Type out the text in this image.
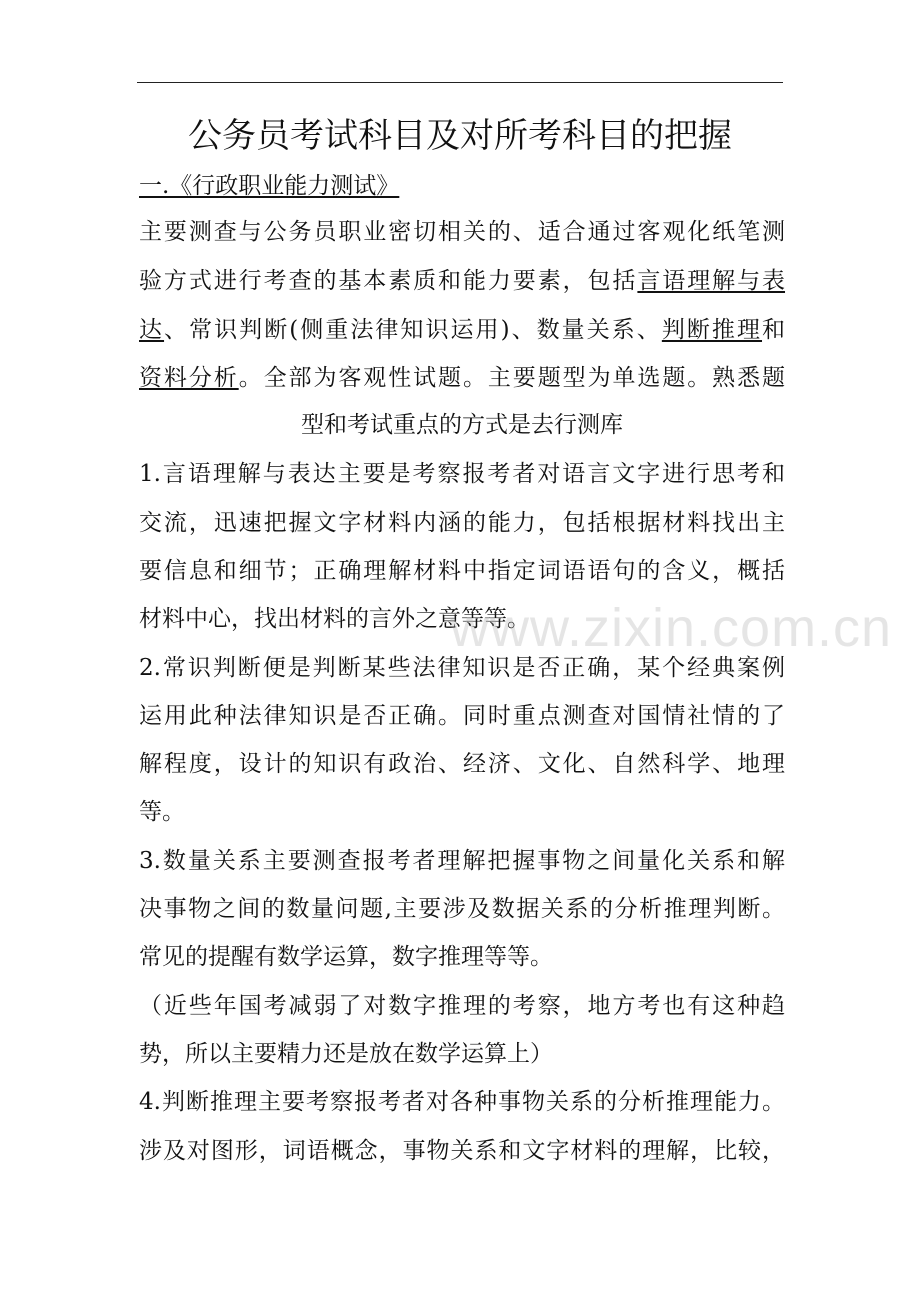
公务员考试科目及对所考科目的把握
一.《行政职业能力测试》
主要测查与公务员职业密切相关的、适合通过客观化纸笔测
验方式进行考查的基本素质和能力要素，包括言语理解与表
达、常识判断(侧重法律知识运用)、数量关系、判断推理和
资料分析。全部为客观性试题。主要题型为单选题。熟悉题
型和考试重点的方式是去行测库
1.言语理解与表达主要是考察报考者对语言文字进行思考和
交流，迅速把握文字材料内涵的能力，包括根据材料找出主
要信息和细节；正确理解材料中指定词语语句的含义，概括
材料中心，找出材料的言外之意等等。
2.常识判断便是判断某些法律知识是否正确，某个经典案例
运用此种法律知识是否正确。同时重点测查对国情社情的了
解程度，设计的知识有政治、经济、文化、自然科学、地理
等。
3.数量关系主要测查报考者理解把握事物之间量化关系和解
决事物之间的数量问题,主要涉及数据关系的分析推理判断。
常见的提醒有数学运算，数字推理等等。
（近些年国考减弱了对数字推理的考察，地方考也有这种趋
势，所以主要精力还是放在数学运算上）
4.判断推理主要考察报考者对各种事物关系的分析推理能力。
涉及对图形，词语概念，事物关系和文字材料的理解，比较，
www.zixin.com.cn
